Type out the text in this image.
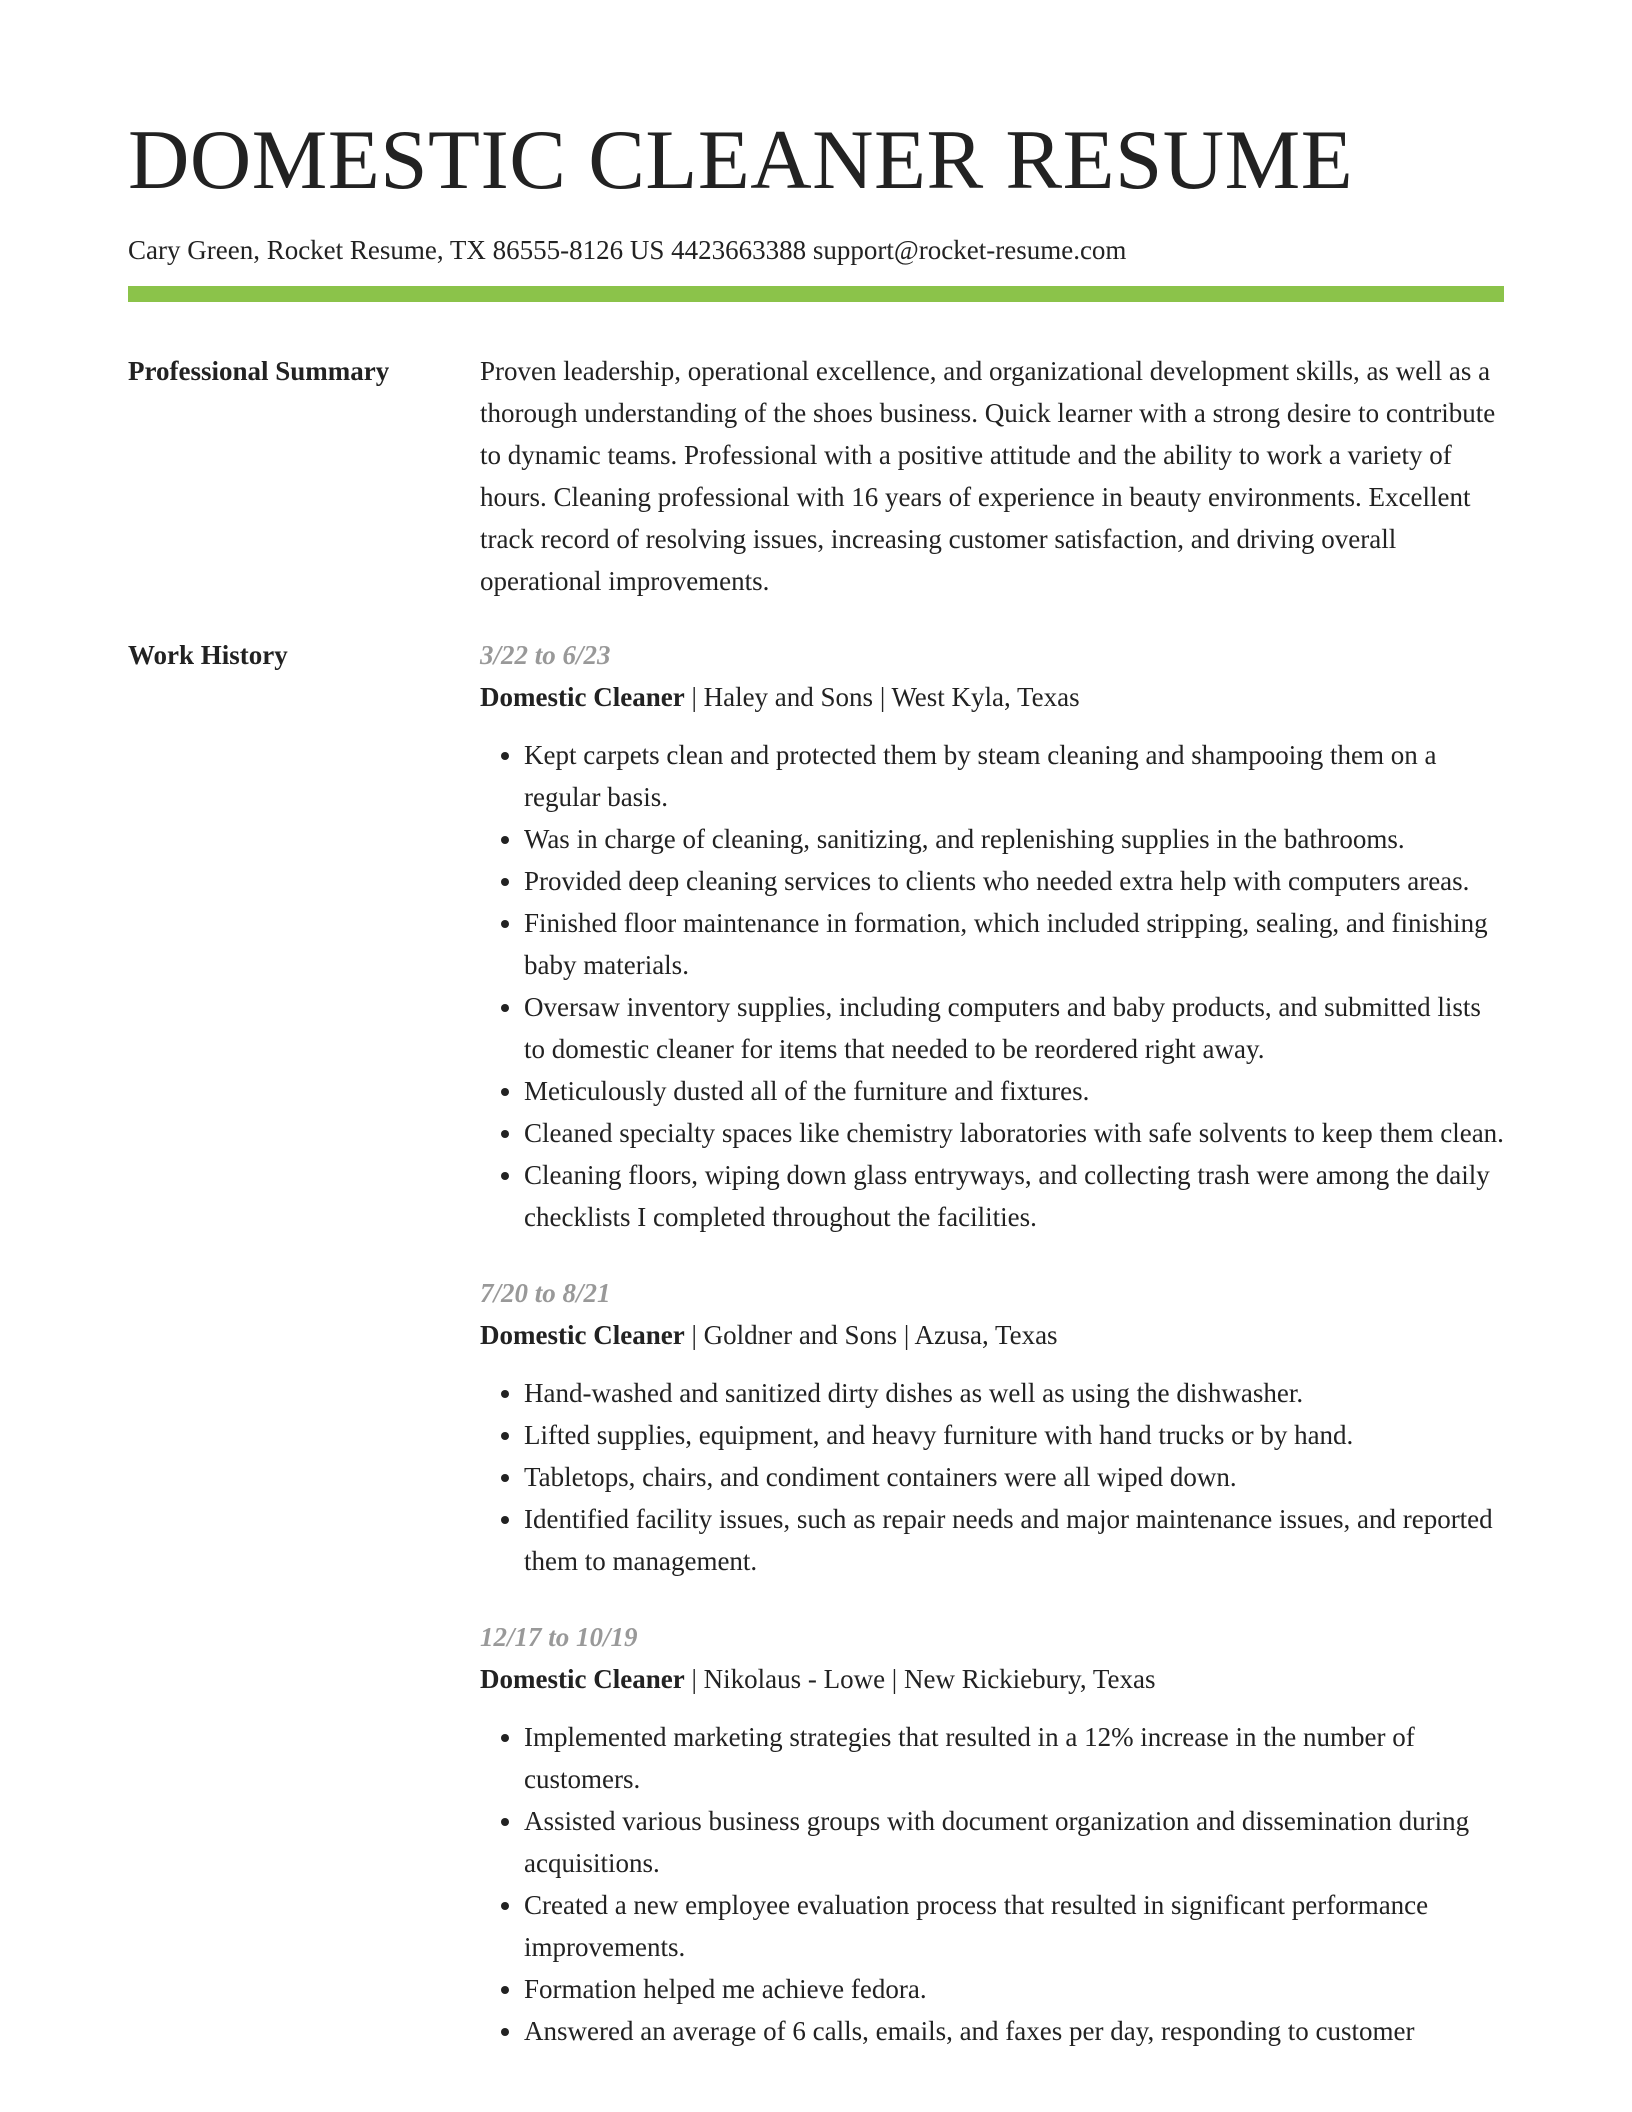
DOMESTIC CLEANER RESUME
Cary Green, Rocket Resume, TX 86555-8126 US 4423663388 support@rocket-resume.com
Professional Summary	Proven leadership, operational excellence, and organizational development skills, as well as a thorough understanding of the shoes business. Quick learner with a strong desire to contribute to dynamic teams. Professional with a positive attitude and the ability to work a variety of hours. Cleaning professional with 16 years of experience in beauty environments. Excellent track record of resolving issues, increasing customer satisfaction, and driving overall operational improvements.

Work History	3/22 to 6/23
Domestic Cleaner | Haley and Sons | West Kyla, Texas
• Kept carpets clean and protected them by steam cleaning and shampooing them on a regular basis.
• Was in charge of cleaning, sanitizing, and replenishing supplies in the bathrooms.
• Provided deep cleaning services to clients who needed extra help with computers areas.
• Finished floor maintenance in formation, which included stripping, sealing, and finishing baby materials.
• Oversaw inventory supplies, including computers and baby products, and submitted lists to domestic cleaner for items that needed to be reordered right away.
• Meticulously dusted all of the furniture and fixtures.
• Cleaned specialty spaces like chemistry laboratories with safe solvents to keep them clean.
• Cleaning floors, wiping down glass entryways, and collecting trash were among the daily checklists I completed throughout the facilities.
7/20 to 8/21
Domestic Cleaner | Goldner and Sons | Azusa, Texas
• Hand-washed and sanitized dirty dishes as well as using the dishwasher.
• Lifted supplies, equipment, and heavy furniture with hand trucks or by hand.
• Tabletops, chairs, and condiment containers were all wiped down.
• Identified facility issues, such as repair needs and major maintenance issues, and reported them to management.
12/17 to 10/19
Domestic Cleaner | Nikolaus - Lowe | New Rickiebury, Texas
• Implemented marketing strategies that resulted in a 12% increase in the number of customers.
• Assisted various business groups with document organization and dissemination during acquisitions.
• Created a new employee evaluation process that resulted in significant performance improvements.
• Formation helped me achieve fedora.
• Answered an average of 6 calls, emails, and faxes per day, responding to customer
